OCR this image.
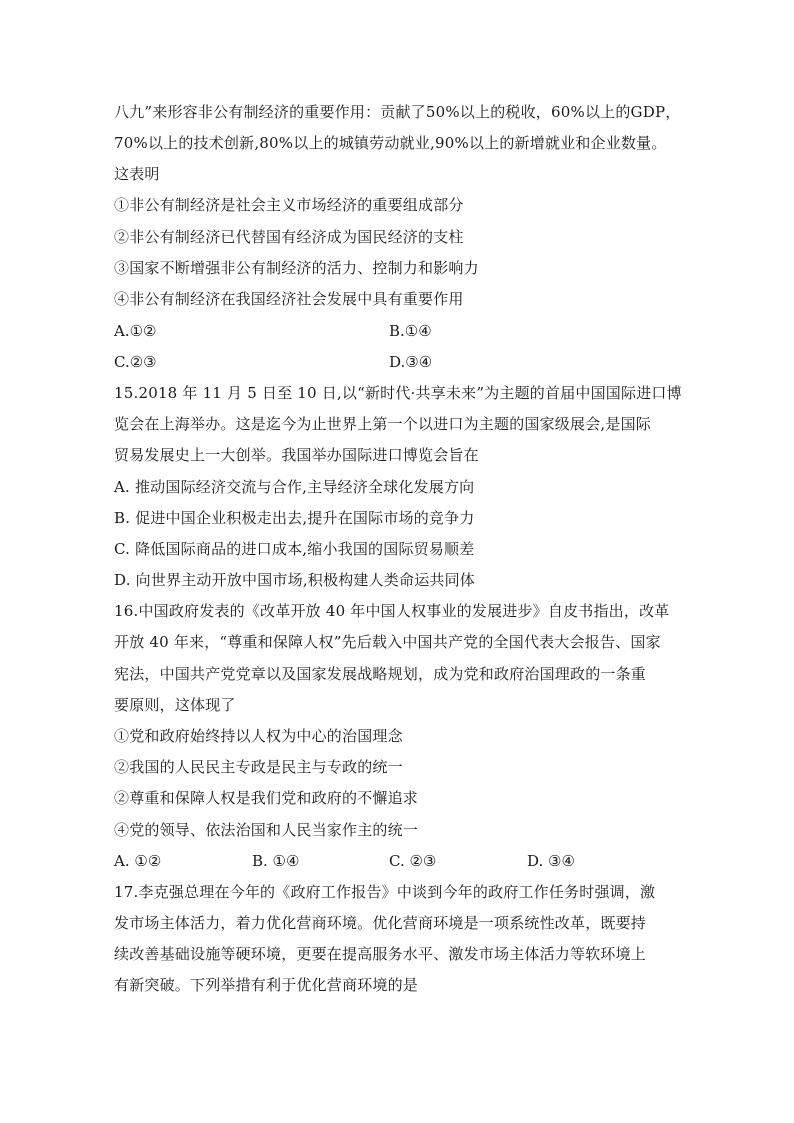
八九”来形容非公有制经济的重要作用：贡献了50%以上的税收，60%以上的GDP，
70%以上的技术创新,80%以上的城镇劳动就业,90%以上的新增就业和企业数量。
这表明
①非公有制经济是社会主义市场经济的重要组成部分
②非公有制经济已代替国有经济成为国民经济的支柱
③国家不断增强非公有制经济的活力、控制力和影响力
④非公有制经济在我国经济社会发展中具有重要作用
A.①②	B.①④
C.②③	D.③④
15.2018 年 11 月 5 日至 10 日,以“新时代·共享未来”为主题的首届中国国际进口博
览会在上海举办。这是迄今为止世界上第一个以进口为主题的国家级展会,是国际
贸易发展史上一大创举。我国举办国际进口博览会旨在
A. 推动国际经济交流与合作,主导经济全球化发展方向
B. 促进中国企业积极走出去,提升在国际市场的竞争力
C. 降低国际商品的进口成本,缩小我国的国际贸易顺差
D. 向世界主动开放中国市场,积极构建人类命运共同体
16.中国政府发表的《改革开放 40 年中国人权事业的发展进步》自皮书指出，改革
开放 40 年来，“尊重和保障人权”先后载入中国共产党的全国代表大会报告、国家
宪法，中国共产党党章以及国家发展战略规划，成为党和政府治国理政的一条重
要原则，这体现了
①党和政府始终持以人权为中心的治国理念
②我国的人民民主专政是民主与专政的统一
②尊重和保障人权是我们党和政府的不懈追求
④党的领导、依法治国和人民当家作主的统一
A. ①②	B. ①④	C. ②③	D. ③④
17.李克强总理在今年的《政府工作报告》中谈到今年的政府工作任务时强调，激
发市场主体活力，着力优化营商环境。优化营商环境是一项系统性改革，既要持
续改善基础设施等硬环境，更要在提高服务水平、激发市场主体活力等软环境上
有新突破。下列举措有利于优化营商环境的是
